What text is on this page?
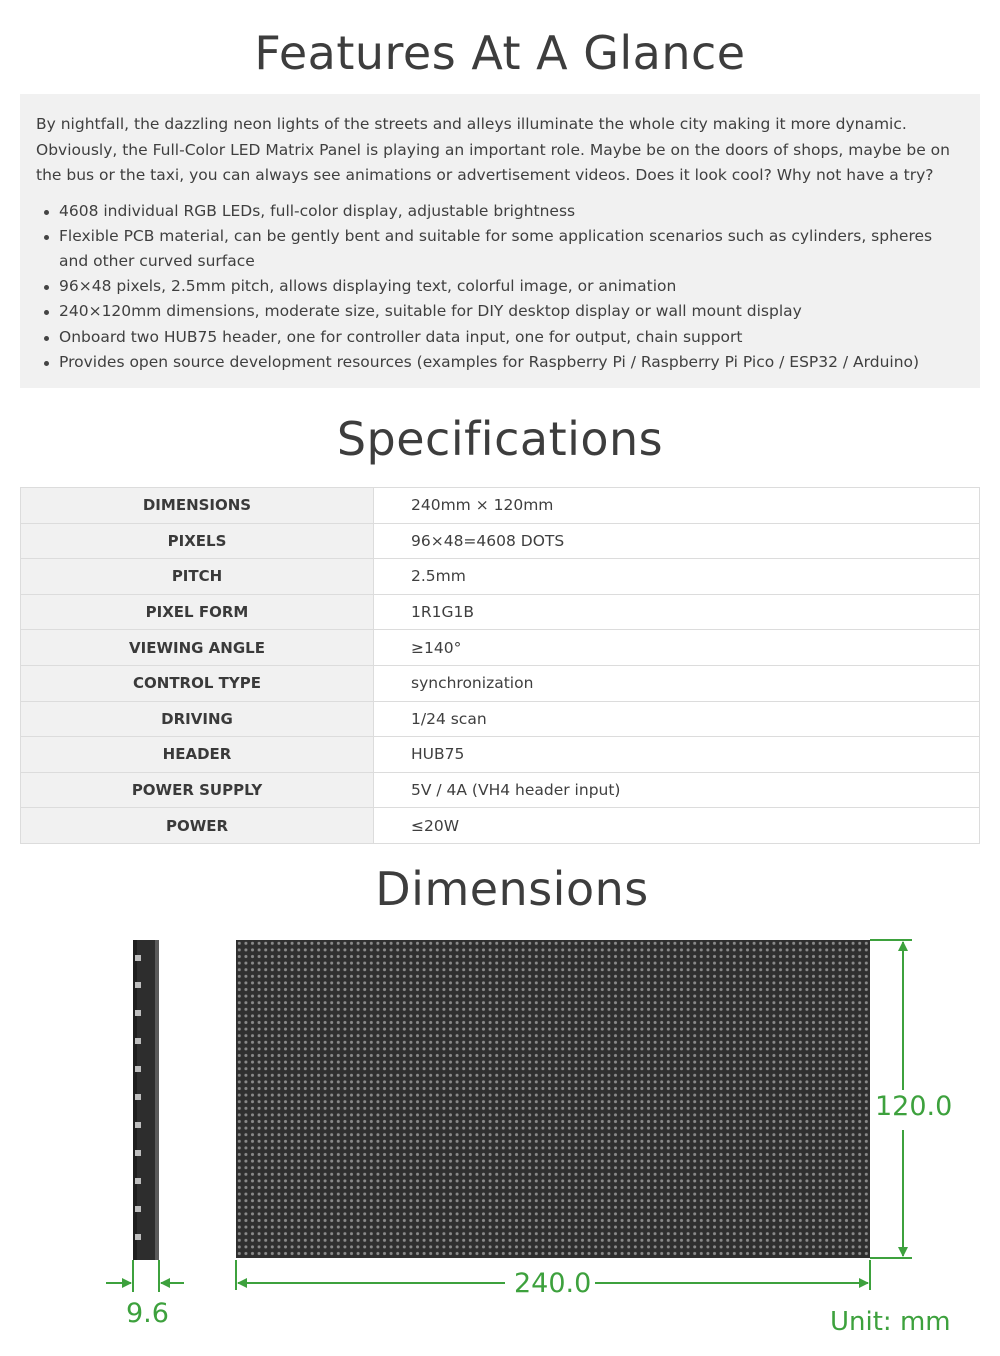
Features At A Glance

By nightfall, the dazzling neon lights of the streets and alleys illuminate the whole city making it more dynamic. Obviously, the Full-Color LED Matrix Panel is playing an important role. Maybe be on the doors of shops, maybe be on the bus or the taxi, you can always see animations or advertisement videos. Does it look cool? Why not have a try?

4608 individual RGB LEDs, full-color display, adjustable brightness
Flexible PCB material, can be gently bent and suitable for some application scenarios such as cylinders, spheres and other curved surface
96×48 pixels, 2.5mm pitch, allows displaying text, colorful image, or animation
240×120mm dimensions, moderate size, suitable for DIY desktop display or wall mount display
Onboard two HUB75 header, one for controller data input, one for output, chain support
Provides open source development resources (examples for Raspberry Pi / Raspberry Pi Pico / ESP32 / Arduino)
Specifications
DIMENSIONS	240mm × 120mm
PIXELS	96×48=4608 DOTS
PITCH	2.5mm
PIXEL FORM	1R1G1B
VIEWING ANGLE	≥140°
CONTROL TYPE	synchronization
DRIVING	1/24 scan
HEADER	HUB75
POWER SUPPLY	5V / 4A (VH4 header input)
POWER	≤20W
Dimensions
120.0
240.0
9.6	Unit: mm
